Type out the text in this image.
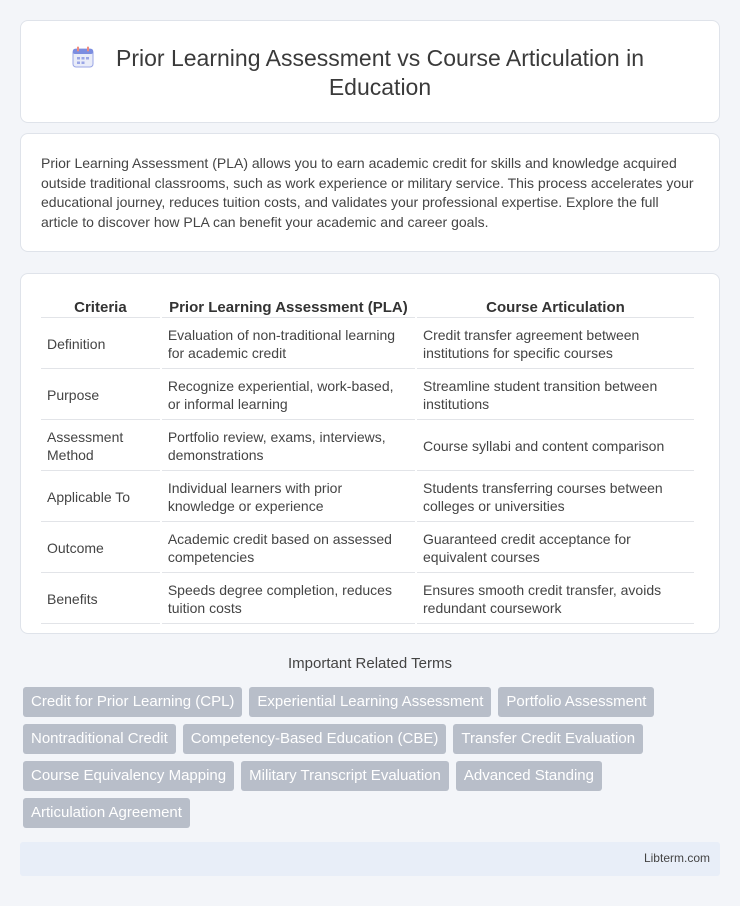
Prior Learning Assessment vs Course Articulation in Education

Prior Learning Assessment (PLA) allows you to earn academic credit for skills and knowledge acquired outside traditional classrooms, such as work experience or military service. This process accelerates your educational journey, reduces tuition costs, and validates your professional expertise. Explore the full article to discover how PLA can benefit your academic and career goals.

Criteria	Prior Learning Assessment (PLA)	Course Articulation
Definition	Evaluation of non-traditional learning for academic credit	Credit transfer agreement between institutions for specific courses
Purpose	Recognize experiential, work-based, or informal learning	Streamline student transition between institutions
Assessment Method	Portfolio review, exams, interviews, demonstrations	Course syllabi and content comparison
Applicable To	Individual learners with prior knowledge or experience	Students transferring courses between colleges or universities
Outcome	Academic credit based on assessed competencies	Guaranteed credit acceptance for equivalent courses
Benefits	Speeds degree completion, reduces tuition costs	Ensures smooth credit transfer, avoids redundant coursework
Important Related Terms
Credit for Prior Learning (CPL)	Experiential Learning Assessment	Portfolio Assessment
Nontraditional Credit	Competency-Based Education (CBE)	Transfer Credit Evaluation
Course Equivalency Mapping	Military Transcript Evaluation	Advanced Standing
Articulation Agreement
Libterm.com
